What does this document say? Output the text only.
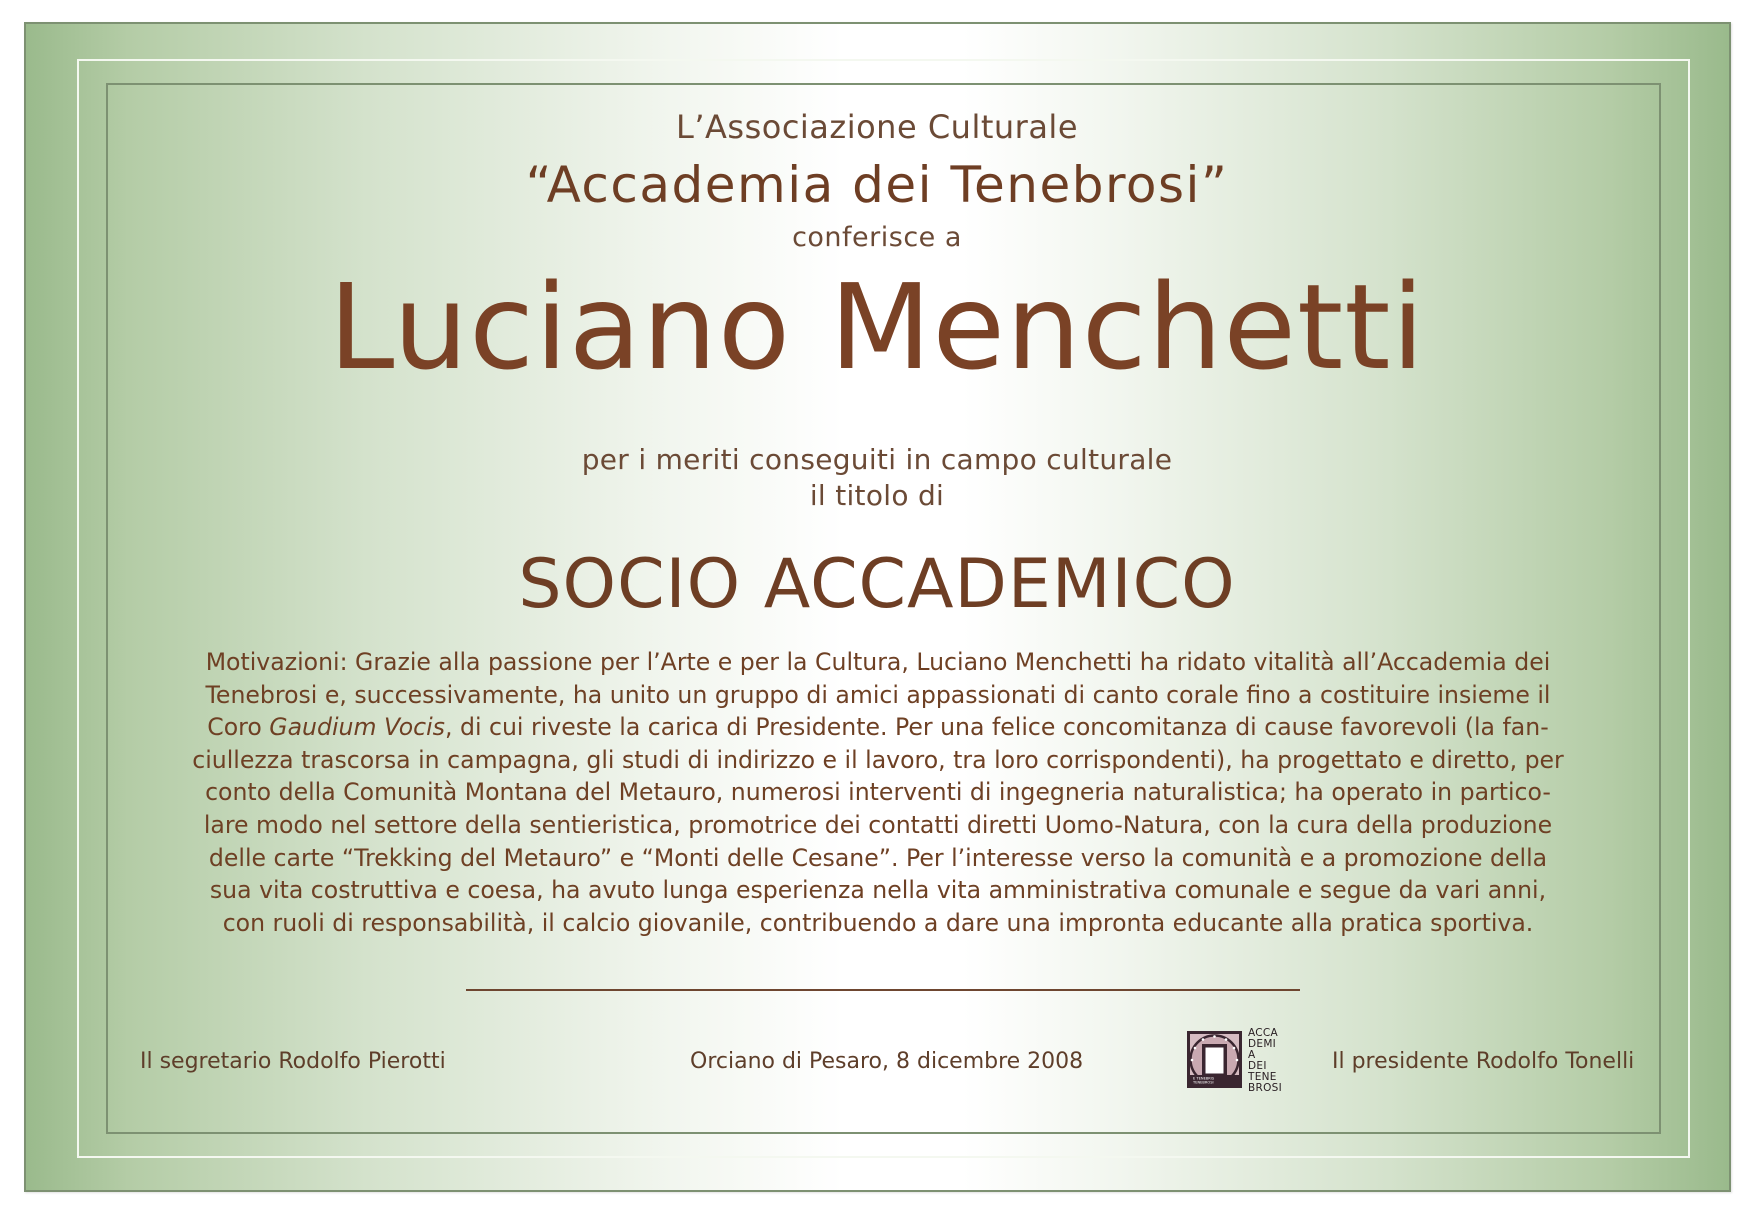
L’Associazione Culturale

“Accademia dei Tenebrosi”

conferisce a

Luciano Menchetti

per i meriti conseguiti in campo culturale
il titolo di

SOCIO ACCADEMICO

Motivazioni: Grazie alla passione per l’Arte e per la Cultura, Luciano Menchetti ha ridato vitalità all’Accademia dei
Tenebrosi e, successivamente, ha unito un gruppo di amici appassionati di canto corale fino a costituire insieme il
Coro Gaudium Vocis, di cui riveste la carica di Presidente. Per una felice concomitanza di cause favorevoli (la fan-
ciullezza trascorsa in campagna, gli studi di indirizzo e il lavoro, tra loro corrispondenti), ha progettato e diretto, per
conto della Comunità Montana del Metauro, numerosi interventi di ingegneria naturalistica; ha operato in partico-
lare modo nel settore della sentieristica, promotrice dei contatti diretti Uomo-Natura, con la cura della produzione
delle carte “Trekking del Metauro” e “Monti delle Cesane”. Per l’interesse verso la comunità e a promozione della
sua vita costruttiva e coesa, ha avuto lunga esperienza nella vita amministrativa comunale e segue da vari anni,
con ruoli di responsabilità, il calcio giovanile, contribuendo a dare una impronta educante alla pratica sportiva.
Il segretario Rodolfo Pierotti	Orciano di Pesaro, 8 dicembre 2008	Il presidente Rodolfo Tonelli
E TENEBRIS
TENEBROSI
ACCA
DEMI
A
DEI
TENE
BROSI
